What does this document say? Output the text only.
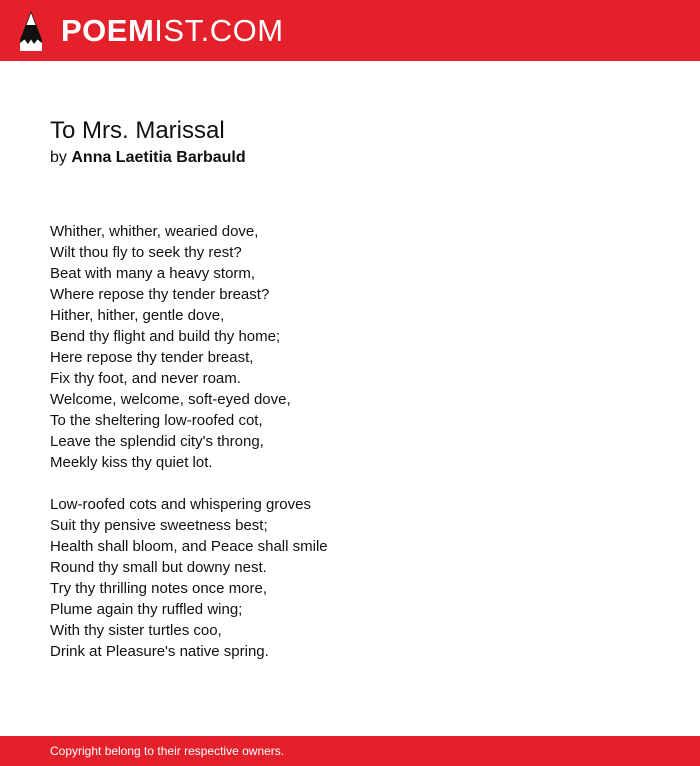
POEMIST.COM
To Mrs. Marissal

by Anna Laetitia Barbauld

Whither, whither, wearied dove,
Wilt thou fly to seek thy rest?
Beat with many a heavy storm,
Where repose thy tender breast?
Hither, hither, gentle dove,
Bend thy flight and build thy home;
Here repose thy tender breast,
Fix thy foot, and never roam.
Welcome, welcome, soft-eyed dove,
To the sheltering low-roofed cot,
Leave the splendid city's throng,
Meekly kiss thy quiet lot.
Low-roofed cots and whispering groves
Suit thy pensive sweetness best;
Health shall bloom, and Peace shall smile
Round thy small but downy nest.
Try thy thrilling notes once more,
Plume again thy ruffled wing;
With thy sister turtles coo,
Drink at Pleasure's native spring.
Copyright belong to their respective owners.
